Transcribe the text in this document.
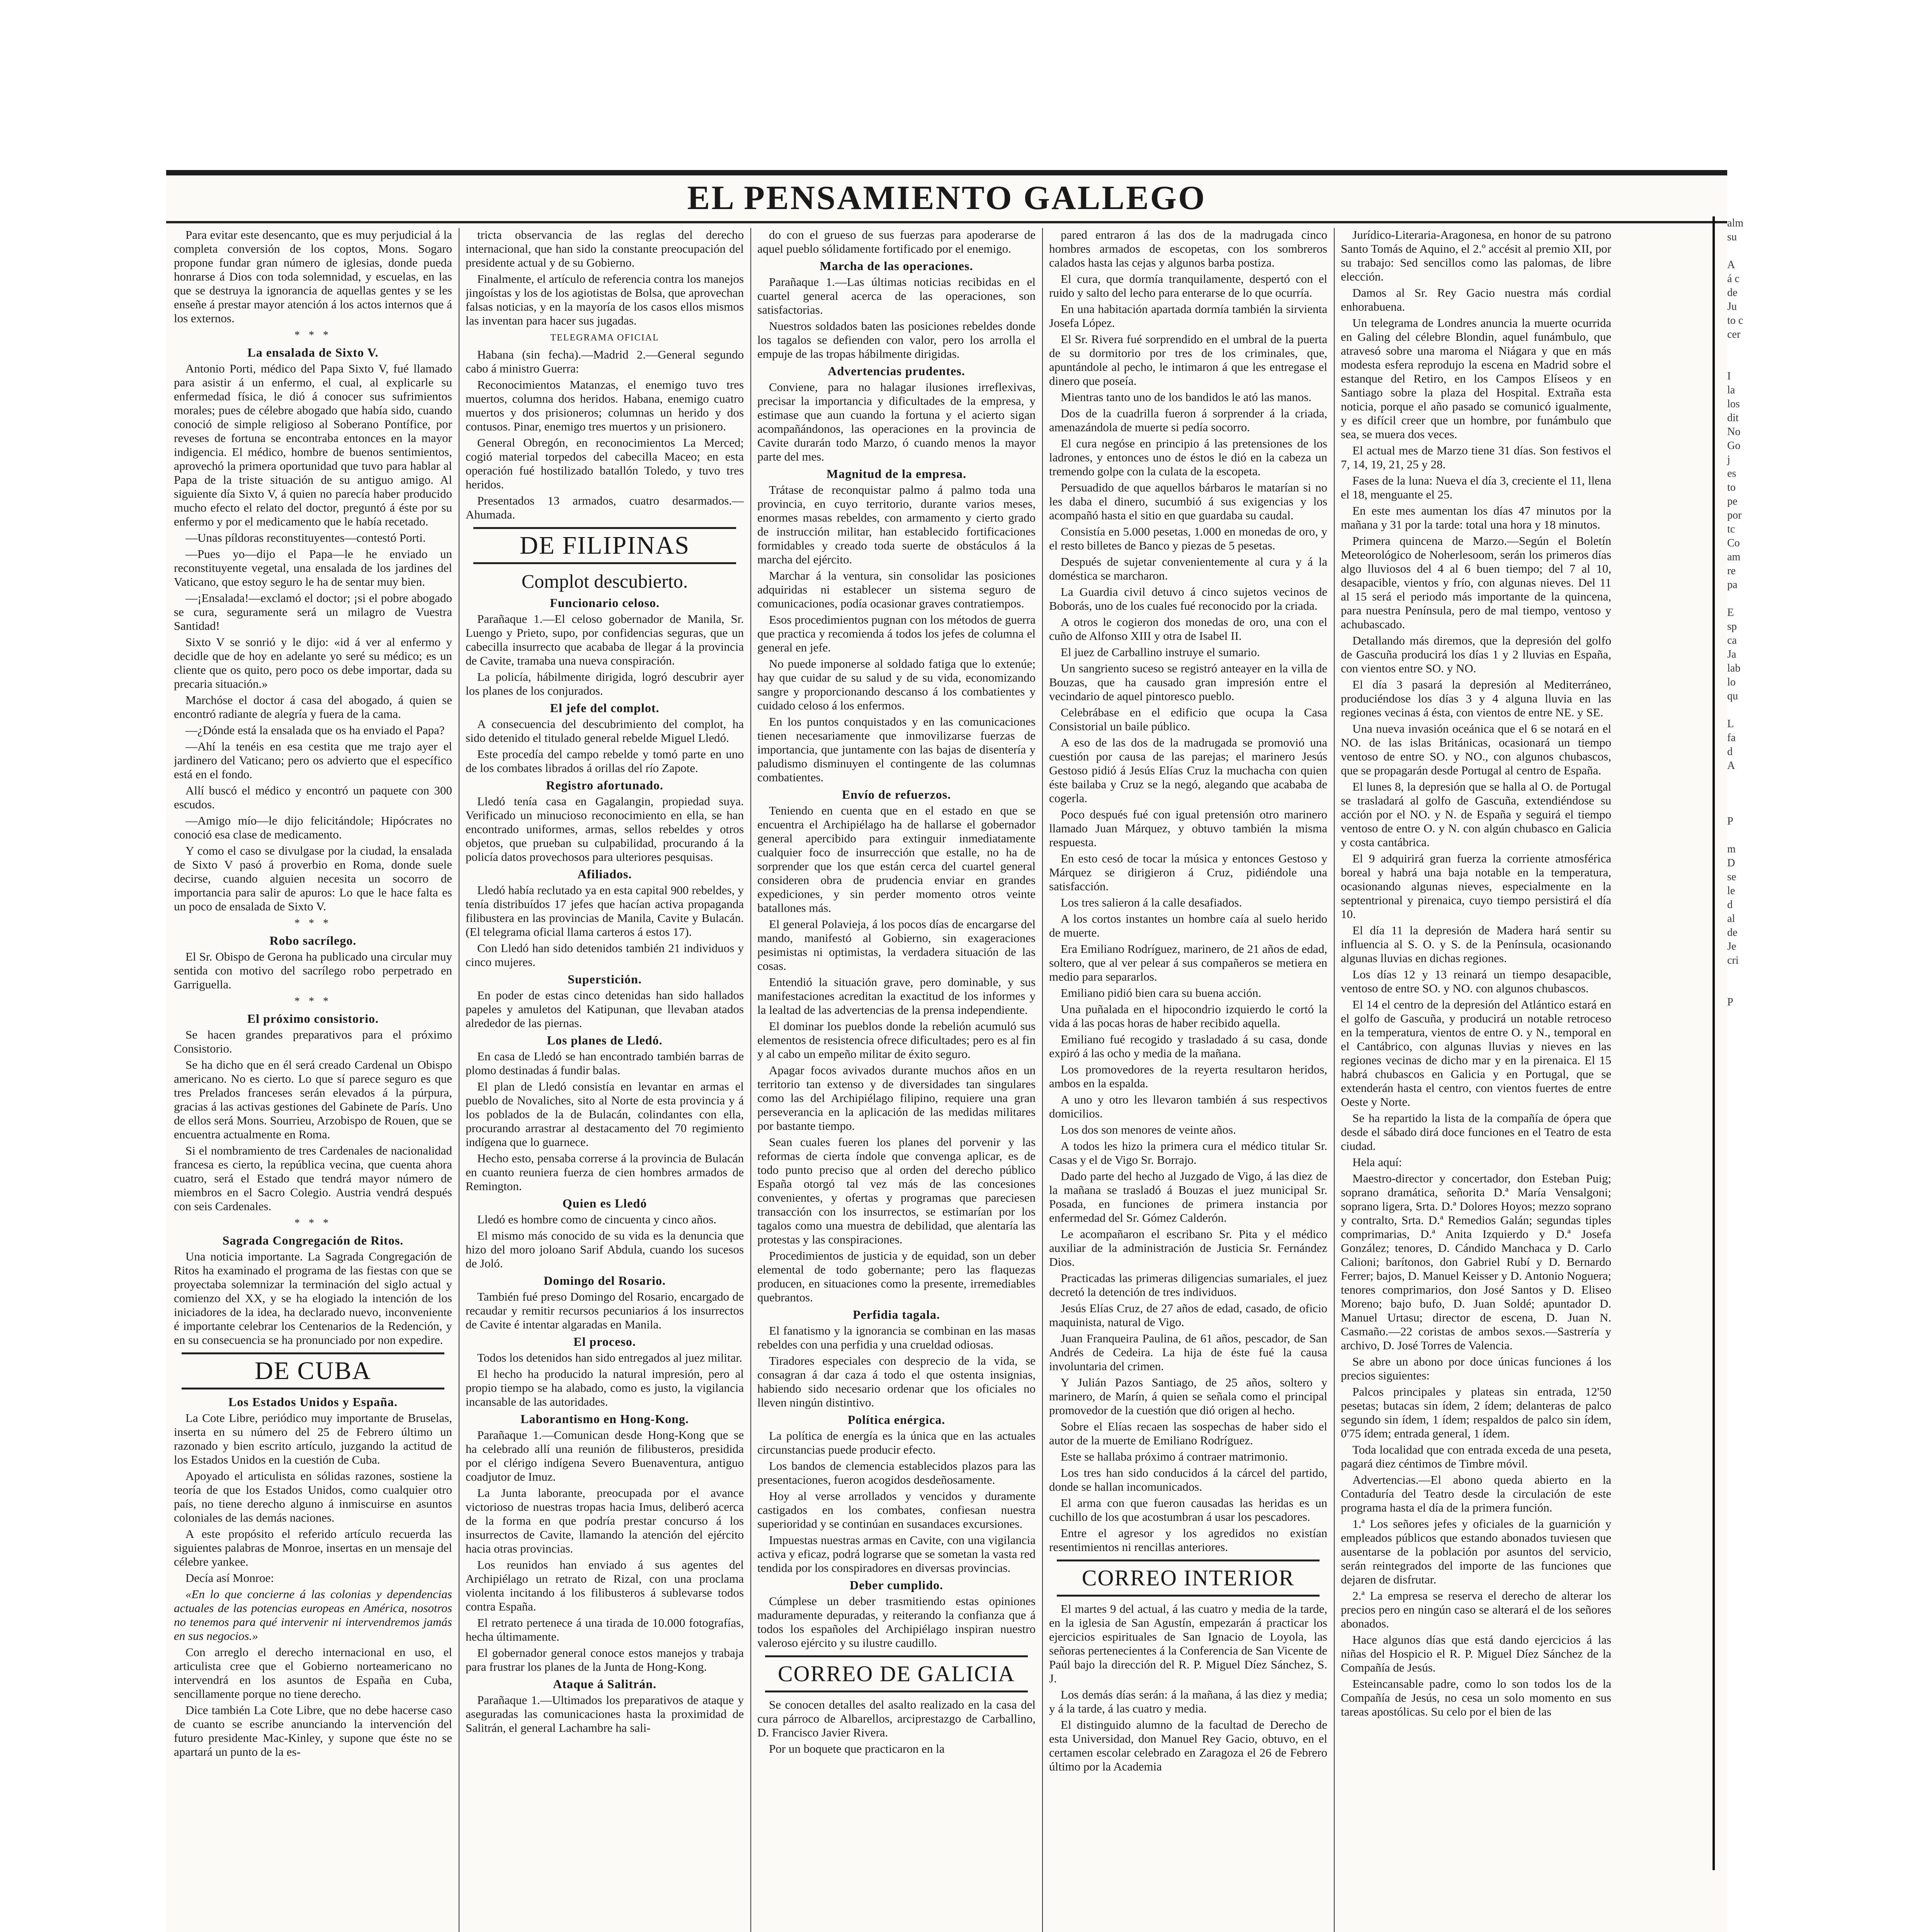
EL PENSAMIENTO GALLEGO

Para evitar este desencanto, que es muy perjudicial á la completa conversión de los coptos, Mons. Sogaro propone fundar gran número de iglesias, donde pueda honrarse á Dios con toda solemnidad, y escuelas, en las que se destruya la ignorancia de aquellas gentes y se les enseñe á prestar mayor atención á los actos internos que á los externos.

* * *
La ensalada de Sixto V.

Antonio Porti, médico del Papa Sixto V, fué llamado para asistir á un enfermo, el cual, al explicarle su enfermedad física, le dió á conocer sus sufrimientos morales; pues de célebre abogado que había sido, cuando conoció de simple religioso al Soberano Pontífice, por reveses de fortuna se encontraba entonces en la mayor indigencia. El médico, hombre de buenos sentimientos, aprovechó la primera oportunidad que tuvo para hablar al Papa de la triste situación de su antiguo amigo. Al siguiente día Sixto V, á quien no parecía haber producido mucho efecto el relato del doctor, preguntó á éste por su enfermo y por el medicamento que le había recetado.

—Unas píldoras reconstituyentes—contestó Porti.

—Pues yo—dijo el Papa—le he enviado un reconstituyente vegetal, una ensalada de los jardines del Vaticano, que estoy seguro le ha de sentar muy bien.

—¡Ensalada!—exclamó el doctor; ¡si el pobre abogado se cura, seguramente será un milagro de Vuestra Santidad!

Sixto V se sonrió y le dijo: «id á ver al enfermo y decidle que de hoy en adelante yo seré su médico; es un cliente que os quito, pero poco os debe importar, dada su precaria situación.»

Marchóse el doctor á casa del abogado, á quien se encontró radiante de alegría y fuera de la cama.

—¿Dónde está la ensalada que os ha enviado el Papa?

—Ahí la tenéis en esa cestita que me trajo ayer el jardinero del Vaticano; pero os advierto que el específico está en el fondo.

Allí buscó el médico y encontró un paquete con 300 escudos.

—Amigo mío—le dijo felicitándole; Hipócrates no conoció esa clase de medicamento.

Y como el caso se divulgase por la ciudad, la ensalada de Sixto V pasó á proverbio en Roma, donde suele decirse, cuando alguien necesita un socorro de importancia para salir de apuros: Lo que le hace falta es un poco de ensalada de Sixto V.

* * *
Robo sacrílego.

El Sr. Obispo de Gerona ha publicado una circular muy sentida con motivo del sacrílego robo perpetrado en Garriguella.

* * *
El próximo consistorio.

Se hacen grandes preparativos para el próximo Consistorio.

Se ha dicho que en él será creado Cardenal un Obispo americano. No es cierto. Lo que sí parece seguro es que tres Prelados franceses serán elevados á la púrpura, gracias á las activas gestiones del Gabinete de París. Uno de ellos será Mons. Sourrieu, Arzobispo de Rouen, que se encuentra actualmente en Roma.

Si el nombramiento de tres Cardenales de nacionalidad francesa es cierto, la república vecina, que cuenta ahora cuatro, será el Estado que tendrá mayor número de miembros en el Sacro Colegio. Austria vendrá después con seis Cardenales.

* * *
Sagrada Congregación de Ritos.

Una noticia importante. La Sagrada Congregación de Ritos ha examinado el programa de las fiestas con que se proyectaba solemnizar la terminación del siglo actual y comienzo del XX, y se ha elogiado la intención de los iniciadores de la idea, ha declarado nuevo, inconveniente é importante celebrar los Centenarios de la Redención, y en su consecuencia se ha pronunciado por non expedire.

DE CUBA
Los Estados Unidos y España.

La Cote Libre, periódico muy importante de Bruselas, inserta en su número del 25 de Febrero último un razonado y bien escrito artículo, juzgando la actitud de los Estados Unidos en la cuestión de Cuba.

Apoyado el articulista en sólidas razones, sostiene la teoría de que los Estados Unidos, como cualquier otro país, no tiene derecho alguno á inmiscuirse en asuntos coloniales de las demás naciones.

A este propósito el referido artículo recuerda las siguientes palabras de Monroe, insertas en un mensaje del célebre yankee.

Decía así Monroe:

«En lo que concierne á las colonias y dependencias actuales de las potencias europeas en América, nosotros no tenemos para qué intervenir ni intervendremos jamás en sus negocios.»

Con arreglo el derecho internacional en uso, el articulista cree que el Gobierno norteamericano no intervendrá en los asuntos de España en Cuba, sencillamente porque no tiene derecho.

Dice también La Cote Libre, que no debe hacerse caso de cuanto se escribe anunciando la intervención del futuro presidente Mac-Kinley, y supone que éste no se apartará un punto de la es-

tricta observancia de las reglas del derecho internacional, que han sido la constante preocupación del presidente actual y de su Gobierno.

Finalmente, el artículo de referencia contra los manejos jingoístas y los de los agiotistas de Bolsa, que aprovechan falsas noticias, y en la mayoría de los casos ellos mismos las inventan para hacer sus jugadas.

TELEGRAMA OFICIAL

Habana (sin fecha).—Madrid 2.—General segundo cabo á ministro Guerra:

Reconocimientos Matanzas, el enemigo tuvo tres muertos, columna dos heridos. Habana, enemigo cuatro muertos y dos prisioneros; columnas un herido y dos contusos. Pinar, enemigo tres muertos y un prisionero.

General Obregón, en reconocimientos La Merced; cogió material torpedos del cabecilla Maceo; en esta operación fué hostilizado batallón Toledo, y tuvo tres heridos.

Presentados 13 armados, cuatro desarmados.—Ahumada.

DE FILIPINAS
Complot descubierto.
Funcionario celoso.

Parañaque 1.—El celoso gobernador de Manila, Sr. Luengo y Prieto, supo, por confidencias seguras, que un cabecilla insurrecto que acababa de llegar á la provincia de Cavite, tramaba una nueva conspiración.

La policía, hábilmente dirigida, logró descubrir ayer los planes de los conjurados.

El jefe del complot.

A consecuencia del descubrimiento del complot, ha sido detenido el titulado general rebelde Miguel Lledó.

Este procedía del campo rebelde y tomó parte en uno de los combates librados á orillas del río Zapote.

Registro afortunado.

Lledó tenía casa en Gagalangin, propiedad suya. Verificado un minucioso reconocimiento en ella, se han encontrado uniformes, armas, sellos rebeldes y otros objetos, que prueban su culpabilidad, procurando á la policía datos provechosos para ulteriores pesquisas.

Afiliados.

Lledó había reclutado ya en esta capital 900 rebeldes, y tenía distribuídos 17 jefes que hacían activa propaganda filibustera en las provincias de Manila, Cavite y Bulacán. (El telegrama oficial llama carteros á estos 17).

Con Lledó han sido detenidos también 21 individuos y cinco mujeres.

Superstición.

En poder de estas cinco detenidas han sido hallados papeles y amuletos del Katipunan, que llevaban atados alrededor de las piernas.

Los planes de Lledó.

En casa de Lledó se han encontrado también barras de plomo destinadas á fundir balas.

El plan de Lledó consistía en levantar en armas el pueblo de Novaliches, sito al Norte de esta provincia y á los poblados de la de Bulacán, colindantes con ella, procurando arrastrar al destacamento del 70 regimiento indígena que lo guarnece.

Hecho esto, pensaba correrse á la provincia de Bulacán en cuanto reuniera fuerza de cien hombres armados de Remington.

Quien es Lledó

Lledó es hombre como de cincuenta y cinco años.

El mismo más conocido de su vida es la denuncia que hizo del moro joloano Sarif Abdula, cuando los sucesos de Joló.

Domingo del Rosario.

También fué preso Domingo del Rosario, encargado de recaudar y remitir recursos pecuniarios á los insurrectos de Cavite é intentar algaradas en Manila.

El proceso.

Todos los detenidos han sido entregados al juez militar.

El hecho ha producido la natural impresión, pero al propio tiempo se ha alabado, como es justo, la vigilancia incansable de las autoridades.

Laborantismo en Hong-Kong.

Parañaque 1.—Comunican desde Hong-Kong que se ha celebrado allí una reunión de filibusteros, presidida por el clérigo indígena Severo Buenaventura, antiguo coadjutor de Imuz.

La Junta laborante, preocupada por el avance victorioso de nuestras tropas hacia Imus, deliberó acerca de la forma en que podría prestar concurso á los insurrectos de Cavite, llamando la atención del ejército hacia otras provincias.

Los reunidos han enviado á sus agentes del Archipiélago un retrato de Rizal, con una proclama violenta incitando á los filibusteros á sublevarse todos contra España.

El retrato pertenece á una tirada de 10.000 fotografías, hecha últimamente.

El gobernador general conoce estos manejos y trabaja para frustrar los planes de la Junta de Hong-Kong.

Ataque á Salitrán.

Parañaque 1.—Ultimados los preparativos de ataque y aseguradas las comunicaciones hasta la proximidad de Salitrán, el general Lachambre ha sali-

do con el grueso de sus fuerzas para apoderarse de aquel pueblo sólidamente fortificado por el enemigo.

Marcha de las operaciones.

Parañaque 1.—Las últimas noticias recibidas en el cuartel general acerca de las operaciones, son satisfactorias.

Nuestros soldados baten las posiciones rebeldes donde los tagalos se defienden con valor, pero los arrolla el empuje de las tropas hábilmente dirigidas.

Advertencias prudentes.

Conviene, para no halagar ilusiones irreflexivas, precisar la importancia y dificultades de la empresa, y estimase que aun cuando la fortuna y el acierto sigan acompañándonos, las operaciones en la provincia de Cavite durarán todo Marzo, ó cuando menos la mayor parte del mes.

Magnitud de la empresa.

Trátase de reconquistar palmo á palmo toda una provincia, en cuyo territorio, durante varios meses, enormes masas rebeldes, con armamento y cierto grado de instrucción militar, han establecido fortificaciones formidables y creado toda suerte de obstáculos á la marcha del ejército.

Marchar á la ventura, sin consolidar las posiciones adquiridas ni establecer un sistema seguro de comunicaciones, podía ocasionar graves contratiempos.

Esos procedimientos pugnan con los métodos de guerra que practica y recomienda á todos los jefes de columna el general en jefe.

No puede imponerse al soldado fatiga que lo extenúe; hay que cuidar de su salud y de su vida, economizando sangre y proporcionando descanso á los combatientes y cuidado celoso á los enfermos.

En los puntos conquistados y en las comunicaciones tienen necesariamente que inmovilizarse fuerzas de importancia, que juntamente con las bajas de disentería y paludismo disminuyen el contingente de las columnas combatientes.

Envío de refuerzos.

Teniendo en cuenta que en el estado en que se encuentra el Archipiélago ha de hallarse el gobernador general apercibido para extinguir inmediatamente cualquier foco de insurrección que estalle, no ha de sorprender que los que están cerca del cuartel general consideren obra de prudencia enviar en grandes expediciones, y sin perder momento otros veinte batallones más.

El general Polavieja, á los pocos días de encargarse del mando, manifestó al Gobierno, sin exageraciones pesimistas ni optimistas, la verdadera situación de las cosas.

Entendió la situación grave, pero dominable, y sus manifestaciones acreditan la exactitud de los informes y la lealtad de las advertencias de la prensa independiente.

El dominar los pueblos donde la rebelión acumuló sus elementos de resistencia ofrece dificultades; pero es al fin y al cabo un empeño militar de éxito seguro.

Apagar focos avivados durante muchos años en un territorio tan extenso y de diversidades tan singulares como las del Archipiélago filipino, requiere una gran perseverancia en la aplicación de las medidas militares por bastante tiempo.

Sean cuales fueren los planes del porvenir y las reformas de cierta índole que convenga aplicar, es de todo punto preciso que al orden del derecho público España otorgó tal vez más de las concesiones convenientes, y ofertas y programas que pareciesen transacción con los insurrectos, se estimarían por los tagalos como una muestra de debilidad, que alentaría las protestas y las conspiraciones.

Procedimientos de justicia y de equidad, son un deber elemental de todo gobernante; pero las flaquezas producen, en situaciones como la presente, irremediables quebrantos.

Perfidia tagala.

El fanatismo y la ignorancia se combinan en las masas rebeldes con una perfidia y una crueldad odiosas.

Tiradores especiales con desprecio de la vida, se consagran á dar caza á todo el que ostenta insignias, habiendo sido necesario ordenar que los oficiales no lleven ningún distintivo.

Política enérgica.

La política de energía es la única que en las actuales circunstancias puede producir efecto.

Los bandos de clemencia establecidos plazos para las presentaciones, fueron acogidos desdeñosamente.

Hoy al verse arrollados y vencidos y duramente castigados en los combates, confiesan nuestra superioridad y se continúan en susandaces excursiones.

Impuestas nuestras armas en Cavite, con una vigilancia activa y eficaz, podrá lograrse que se sometan la vasta red tendida por los conspiradores en diversas provincias.

Deber cumplido.

Cúmplese un deber trasmitiendo estas opiniones maduramente depuradas, y reiterando la confianza que á todos los españoles del Archipiélago inspiran nuestro valeroso ejército y su ilustre caudillo.

CORREO DE GALICIA

Se conocen detalles del asalto realizado en la casa del cura párroco de Albarellos, arciprestazgo de Carballino, D. Francisco Javier Rivera.

Por un boquete que practicaron en la

pared entraron á las dos de la madrugada cinco hombres armados de escopetas, con los sombreros calados hasta las cejas y algunos barba postiza.

El cura, que dormía tranquilamente, despertó con el ruido y salto del lecho para enterarse de lo que ocurría.

En una habitación apartada dormía también la sirvienta Josefa López.

El Sr. Rivera fué sorprendido en el umbral de la puerta de su dormitorio por tres de los criminales, que, apuntándole al pecho, le intimaron á que les entregase el dinero que poseía.

Mientras tanto uno de los bandidos le ató las manos.

Dos de la cuadrilla fueron á sorprender á la criada, amenazándola de muerte si pedía socorro.

El cura negóse en principio á las pretensiones de los ladrones, y entonces uno de éstos le dió en la cabeza un tremendo golpe con la culata de la escopeta.

Persuadido de que aquellos bárbaros le matarían si no les daba el dinero, sucumbió á sus exigencias y los acompañó hasta el sitio en que guardaba su caudal.

Consistía en 5.000 pesetas, 1.000 en monedas de oro, y el resto billetes de Banco y piezas de 5 pesetas.

Después de sujetar convenientemente al cura y á la doméstica se marcharon.

La Guardia civil detuvo á cinco sujetos vecinos de Boborás, uno de los cuales fué reconocido por la criada.

A otros le cogieron dos monedas de oro, una con el cuño de Alfonso XIII y otra de Isabel II.

El juez de Carballino instruye el sumario.

Un sangriento suceso se registró anteayer en la villa de Bouzas, que ha causado gran impresión entre el vecindario de aquel pintoresco pueblo.

Celebrábase en el edificio que ocupa la Casa Consistorial un baile público.

A eso de las dos de la madrugada se promovió una cuestión por causa de las parejas; el marinero Jesús Gestoso pidió á Jesús Elías Cruz la muchacha con quien éste bailaba y Cruz se la negó, alegando que acababa de cogerla.

Poco después fué con igual pretensión otro marinero llamado Juan Márquez, y obtuvo también la misma respuesta.

En esto cesó de tocar la música y entonces Gestoso y Márquez se dirigieron á Cruz, pidiéndole una satisfacción.

Los tres salieron á la calle desafiados.

A los cortos instantes un hombre caía al suelo herido de muerte.

Era Emiliano Rodríguez, marinero, de 21 años de edad, soltero, que al ver pelear á sus compañeros se metiera en medio para separarlos.

Emiliano pidió bien cara su buena acción.

Una puñalada en el hipocondrio izquierdo le cortó la vida á las pocas horas de haber recibido aquella.

Emiliano fué recogido y trasladado á su casa, donde expiró á las ocho y media de la mañana.

Los promovedores de la reyerta resultaron heridos, ambos en la espalda.

A uno y otro les llevaron también á sus respectivos domicilios.

Los dos son menores de veinte años.

A todos les hizo la primera cura el médico titular Sr. Casas y el de Vigo Sr. Borrajo.

Dado parte del hecho al Juzgado de Vigo, á las diez de la mañana se trasladó á Bouzas el juez municipal Sr. Posada, en funciones de primera instancia por enfermedad del Sr. Gómez Calderón.

Le acompañaron el escribano Sr. Pita y el médico auxiliar de la administración de Justicia Sr. Fernández Dios.

Practicadas las primeras diligencias sumariales, el juez decretó la detención de tres individuos.

Jesús Elías Cruz, de 27 años de edad, casado, de oficio maquinista, natural de Vigo.

Juan Franqueira Paulina, de 61 años, pescador, de San Andrés de Cedeira. La hija de éste fué la causa involuntaria del crimen.

Y Julián Pazos Santiago, de 25 años, soltero y marinero, de Marín, á quien se señala como el principal promovedor de la cuestión que dió origen al hecho.

Sobre el Elías recaen las sospechas de haber sido el autor de la muerte de Emiliano Rodríguez.

Este se hallaba próximo á contraer matrimonio.

Los tres han sido conducidos á la cárcel del partido, donde se hallan incomunicados.

El arma con que fueron causadas las heridas es un cuchillo de los que acostumbran á usar los pescadores.

Entre el agresor y los agredidos no existían resentimientos ni rencillas anteriores.

CORREO INTERIOR

El martes 9 del actual, á las cuatro y media de la tarde, en la iglesia de San Agustín, empezarán á practicar los ejercicios espirituales de San Ignacio de Loyola, las señoras pertenecientes á la Conferencia de San Vicente de Paúl bajo la dirección del R. P. Miguel Díez Sánchez, S. J.

Los demás días serán: á la mañana, á las diez y media; y á la tarde, á las cuatro y media.

El distinguido alumno de la facultad de Derecho de esta Universidad, don Manuel Rey Gacio, obtuvo, en el certamen escolar celebrado en Zaragoza el 26 de Febrero último por la Academia

Jurídico-Literaria-Aragonesa, en honor de su patrono Santo Tomás de Aquino, el 2.º accésit al premio XII, por su trabajo: Sed sencillos como las palomas, de libre elección.

Damos al Sr. Rey Gacio nuestra más cordial enhorabuena.

Un telegrama de Londres anuncia la muerte ocurrida en Galing del célebre Blondin, aquel funámbulo, que atravesó sobre una maroma el Niágara y que en más modesta esfera reprodujo la escena en Madrid sobre el estanque del Retiro, en los Campos Elíseos y en Santiago sobre la plaza del Hospital. Extraña esta noticia, porque el año pasado se comunicó igualmente, y es difícil creer que un hombre, por funámbulo que sea, se muera dos veces.

El actual mes de Marzo tiene 31 días. Son festivos el 7, 14, 19, 21, 25 y 28.

Fases de la luna: Nueva el día 3, creciente el 11, llena el 18, menguante el 25.

En este mes aumentan los días 47 minutos por la mañana y 31 por la tarde: total una hora y 18 minutos.

Primera quincena de Marzo.—Según el Boletín Meteorológico de Noherlesoom, serán los primeros días algo lluviosos del 4 al 6 buen tiempo; del 7 al 10, desapacible, vientos y frío, con algunas nieves. Del 11 al 15 será el periodo más importante de la quincena, para nuestra Península, pero de mal tiempo, ventoso y achubascado.

Detallando más diremos, que la depresión del golfo de Gascuña producirá los días 1 y 2 lluvias en España, con vientos entre SO. y NO.

El día 3 pasará la depresión al Mediterráneo, produciéndose los días 3 y 4 alguna lluvia en las regiones vecinas á ésta, con vientos de entre NE. y SE.

Una nueva invasión oceánica que el 6 se notará en el NO. de las islas Británicas, ocasionará un tiempo ventoso de entre SO. y NO., con algunos chubascos, que se propagarán desde Portugal al centro de España.

El lunes 8, la depresión que se halla al O. de Portugal se trasladará al golfo de Gascuña, extendiéndose su acción por el NO. y N. de España y seguirá el tiempo ventoso de entre O. y N. con algún chubasco en Galicia y costa cantábrica.

El 9 adquirirá gran fuerza la corriente atmosférica boreal y habrá una baja notable en la temperatura, ocasionando algunas nieves, especialmente en la septentrional y pirenaica, cuyo tiempo persistirá el día 10.

El día 11 la depresión de Madera hará sentir su influencia al S. O. y S. de la Península, ocasionando algunas lluvias en dichas regiones.

Los días 12 y 13 reinará un tiempo desapacible, ventoso de entre SO. y NO. con algunos chubascos.

El 14 el centro de la depresión del Atlántico estará en el golfo de Gascuña, y producirá un notable retroceso en la temperatura, vientos de entre O. y N., temporal en el Cantábrico, con algunas lluvias y nieves en las regiones vecinas de dicho mar y en la pirenaica. El 15 habrá chubascos en Galicia y en Portugal, que se extenderán hasta el centro, con vientos fuertes de entre Oeste y Norte.

Se ha repartido la lista de la compañía de ópera que desde el sábado dirá doce funciones en el Teatro de esta ciudad.

Hela aquí:

Maestro-director y concertador, don Esteban Puig; soprano dramática, señorita D.ª María Vensalgoni; soprano ligera, Srta. D.ª Dolores Hoyos; mezzo soprano y contralto, Srta. D.ª Remedios Galán; segundas tiples comprimarias, D.ª Anita Izquierdo y D.ª Josefa González; tenores, D. Cándido Manchaca y D. Carlo Calioni; barítonos, don Gabriel Rubí y D. Bernardo Ferrer; bajos, D. Manuel Keisser y D. Antonio Noguera; tenores comprimarios, don José Santos y D. Eliseo Moreno; bajo bufo, D. Juan Soldé; apuntador D. Manuel Urtasu; director de escena, D. Juan N. Casmaño.—22 coristas de ambos sexos.—Sastrería y archivo, D. José Torres de Valencia.

Se abre un abono por doce únicas funciones á los precios siguientes:

Palcos principales y plateas sin entrada, 12'50 pesetas; butacas sin ídem, 2 ídem; delanteras de palco segundo sin ídem, 1 ídem; respaldos de palco sin ídem, 0'75 ídem; entrada general, 1 ídem.

Toda localidad que con entrada exceda de una peseta, pagará diez céntimos de Timbre móvil.

Advertencias.—El abono queda abierto en la Contaduría del Teatro desde la circulación de este programa hasta el día de la primera función.

1.ª Los señores jefes y oficiales de la guarnición y empleados públicos que estando abonados tuviesen que ausentarse de la población por asuntos del servicio, serán reintegrados del importe de las funciones que dejaren de disfrutar.

2.ª La empresa se reserva el derecho de alterar los precios pero en ningún caso se alterará el de los señores abonados.

Hace algunos días que está dando ejercicios á las niñas del Hospicio el R. P. Miguel Díez Sánchez de la Compañía de Jesús.

Esteincansable padre, como lo son todos los de la Compañía de Jesús, no cesa un solo momento en sus tareas apostólicas. Su celo por el bien de las

alm
su

A
á c
de
Ju
to c
cer

I
la
los
dit
No
Go
j
es
to
pe
por
tc
Co
am
re
pa

E
sp
ca
Ja
lab
lo
qu

L
fa
d
A

P

m
D
se
le
d
al
de
Je
cri

P
